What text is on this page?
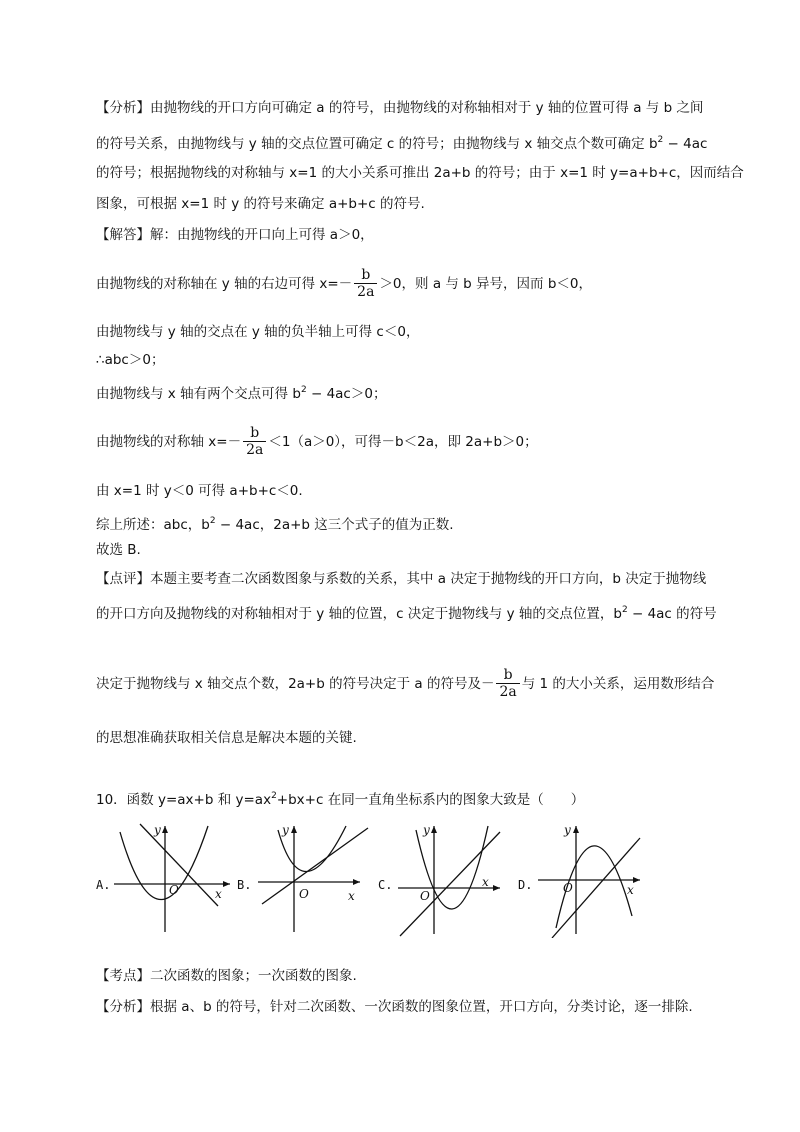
【分析】由抛物线的开口方向可确定 a 的符号，由抛物线的对称轴相对于 y 轴的位置可得 a 与 b 之间
的符号关系，由抛物线与 y 轴的交点位置可确定 c 的符号；由抛物线与 x 轴交点个数可确定 $b^2 - 4ac$
的符号；根据抛物线的对称轴与 x=1 的大小关系可推出 2a+b 的符号；由于 x=1 时 y=a+b+c，因而结合
图象，可根据 x=1 时 y 的符号来确定 a+b+c 的符号.
【解答】解：由抛物线的开口向上可得 a＞0，
由抛物线的对称轴在 y 轴的右边可得 $x=- \frac{b}{2a} >0$，则 a 与 b 异号，因而 b＜0，
由抛物线与 y 轴的交点在 y 轴的负半轴上可得 c＜0，
∴abc＞0；
由抛物线与 x 轴有两个交点可得 $b^2 - 4ac>0$；
由抛物线的对称轴 $x=- \frac{b}{2a} <1(a>0)$，可得－b＜2a，即 2a+b＞0；
由 x=1 时 y＜0 可得 a+b+c＜0.
综上所述：abc，$b^2 - 4ac$，2a+b 这三个式子的值为正数.
故选 B.
【点评】本题主要考查二次函数图象与系数的关系，其中 a 决定于抛物线的开口方向，b 决定于抛物线
的开口方向及抛物线的对称轴相对于 y 轴的位置，c 决定于抛物线与 y 轴的交点位置，$b^2 - 4ac$ 的符号
决定于抛物线与 x 轴交点个数，2a+b 的符号决定于 a 的符号及－ $\frac{b}{2a}$ 与 1 的大小关系，运用数形结合
的思想准确获取相关信息是解决本题的关键.
10．函数 y=ax+b 和 $y=ax^2+bx+c$ 在同一直角坐标系内的图象大致是（　　）
A.	B.	C.	D.
y
O	x
y
O	x
y
O
x
y
O	x
【考点】二次函数的图象；一次函数的图象.
【分析】根据 a、b 的符号，针对二次函数、一次函数的图象位置，开口方向，分类讨论，逐一排除.
